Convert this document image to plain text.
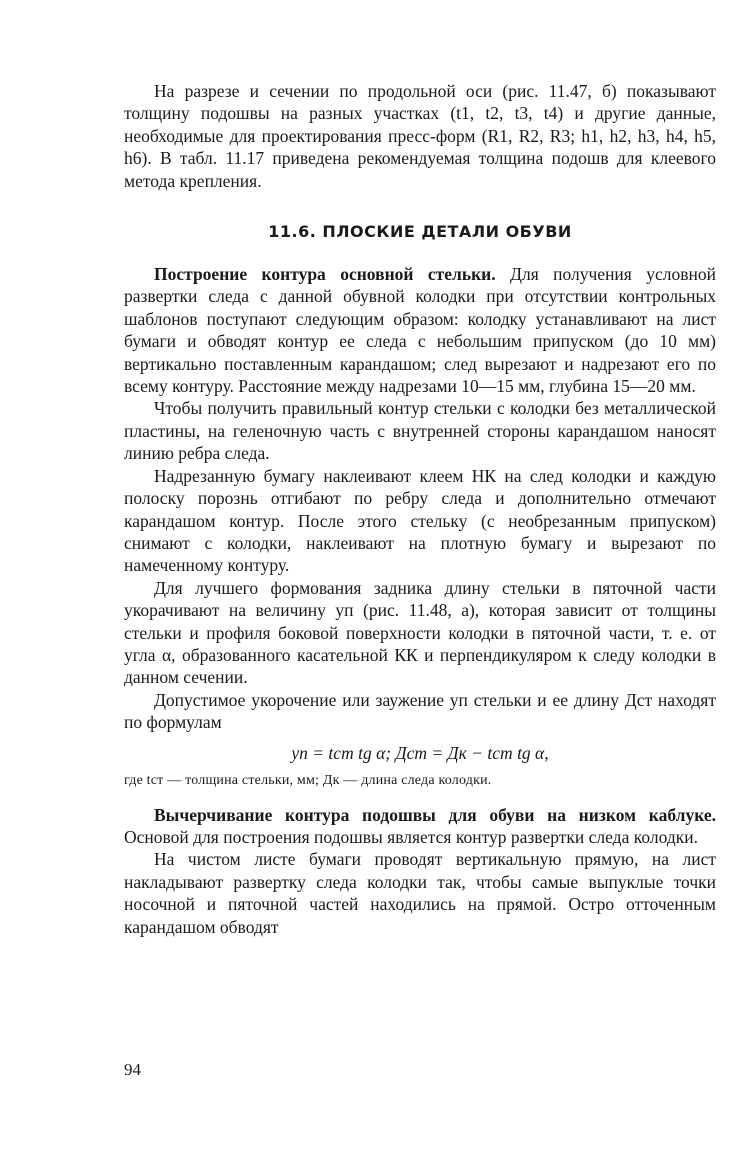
На разрезе и сечении по продольной оси (рис. 11.47, б) показывают толщину подошвы на разных участках (t1, t2, t3, t4) и другие данные, необходимые для проектирования пресс-форм (R1, R2, R3; h1, h2, h3, h4, h5, h6). В табл. 11.17 приведена рекомендуемая толщина подошв для клеевого метода крепления.

11.6. ПЛОСКИЕ ДЕТАЛИ ОБУВИ

Построение контура основной стельки. Для получения условной развертки следа с данной обувной колодки при отсутствии контрольных шаблонов поступают следующим образом: колодку устанавливают на лист бумаги и обводят контур ее следа с небольшим припуском (до 10 мм) вертикально поставленным карандашом; след вырезают и надрезают его по всему контуру. Расстояние между надрезами 10—15 мм, глубина 15—20 мм.

Чтобы получить правильный контур стельки с колодки без металлической пластины, на геленочную часть с внутренней стороны карандашом наносят линию ребра следа.

Надрезанную бумагу наклеивают клеем НК на след колодки и каждую полоску порознь отгибают по ребру следа и дополнительно отмечают карандашом контур. После этого стельку (с необрезанным припуском) снимают с колодки, наклеивают на плотную бумагу и вырезают по намеченному контуру.

Для лучшего формования задника длину стельки в пяточной части укорачивают на величину yп (рис. 11.48, а), которая зависит от толщины стельки и профиля боковой поверхности колодки в пяточной части, т. е. от угла α, образованного касательной КК и перпендикуляром к следу колодки в данном сечении.

Допустимое укорочение или заужение yп стельки и ее длину Дст находят по формулам

yп = tст tg α; Дст = Дк − tст tg α,

где tст — толщина стельки, мм; Дк — длина следа колодки.

Вычерчивание контура подошвы для обуви на низком каблуке. Основой для построения подошвы является контур развертки следа колодки.

На чистом листе бумаги проводят вертикальную прямую, на лист накладывают развертку следа колодки так, чтобы самые выпуклые точки носочной и пяточной частей находились на прямой. Остро отточенным карандашом обводят

94
